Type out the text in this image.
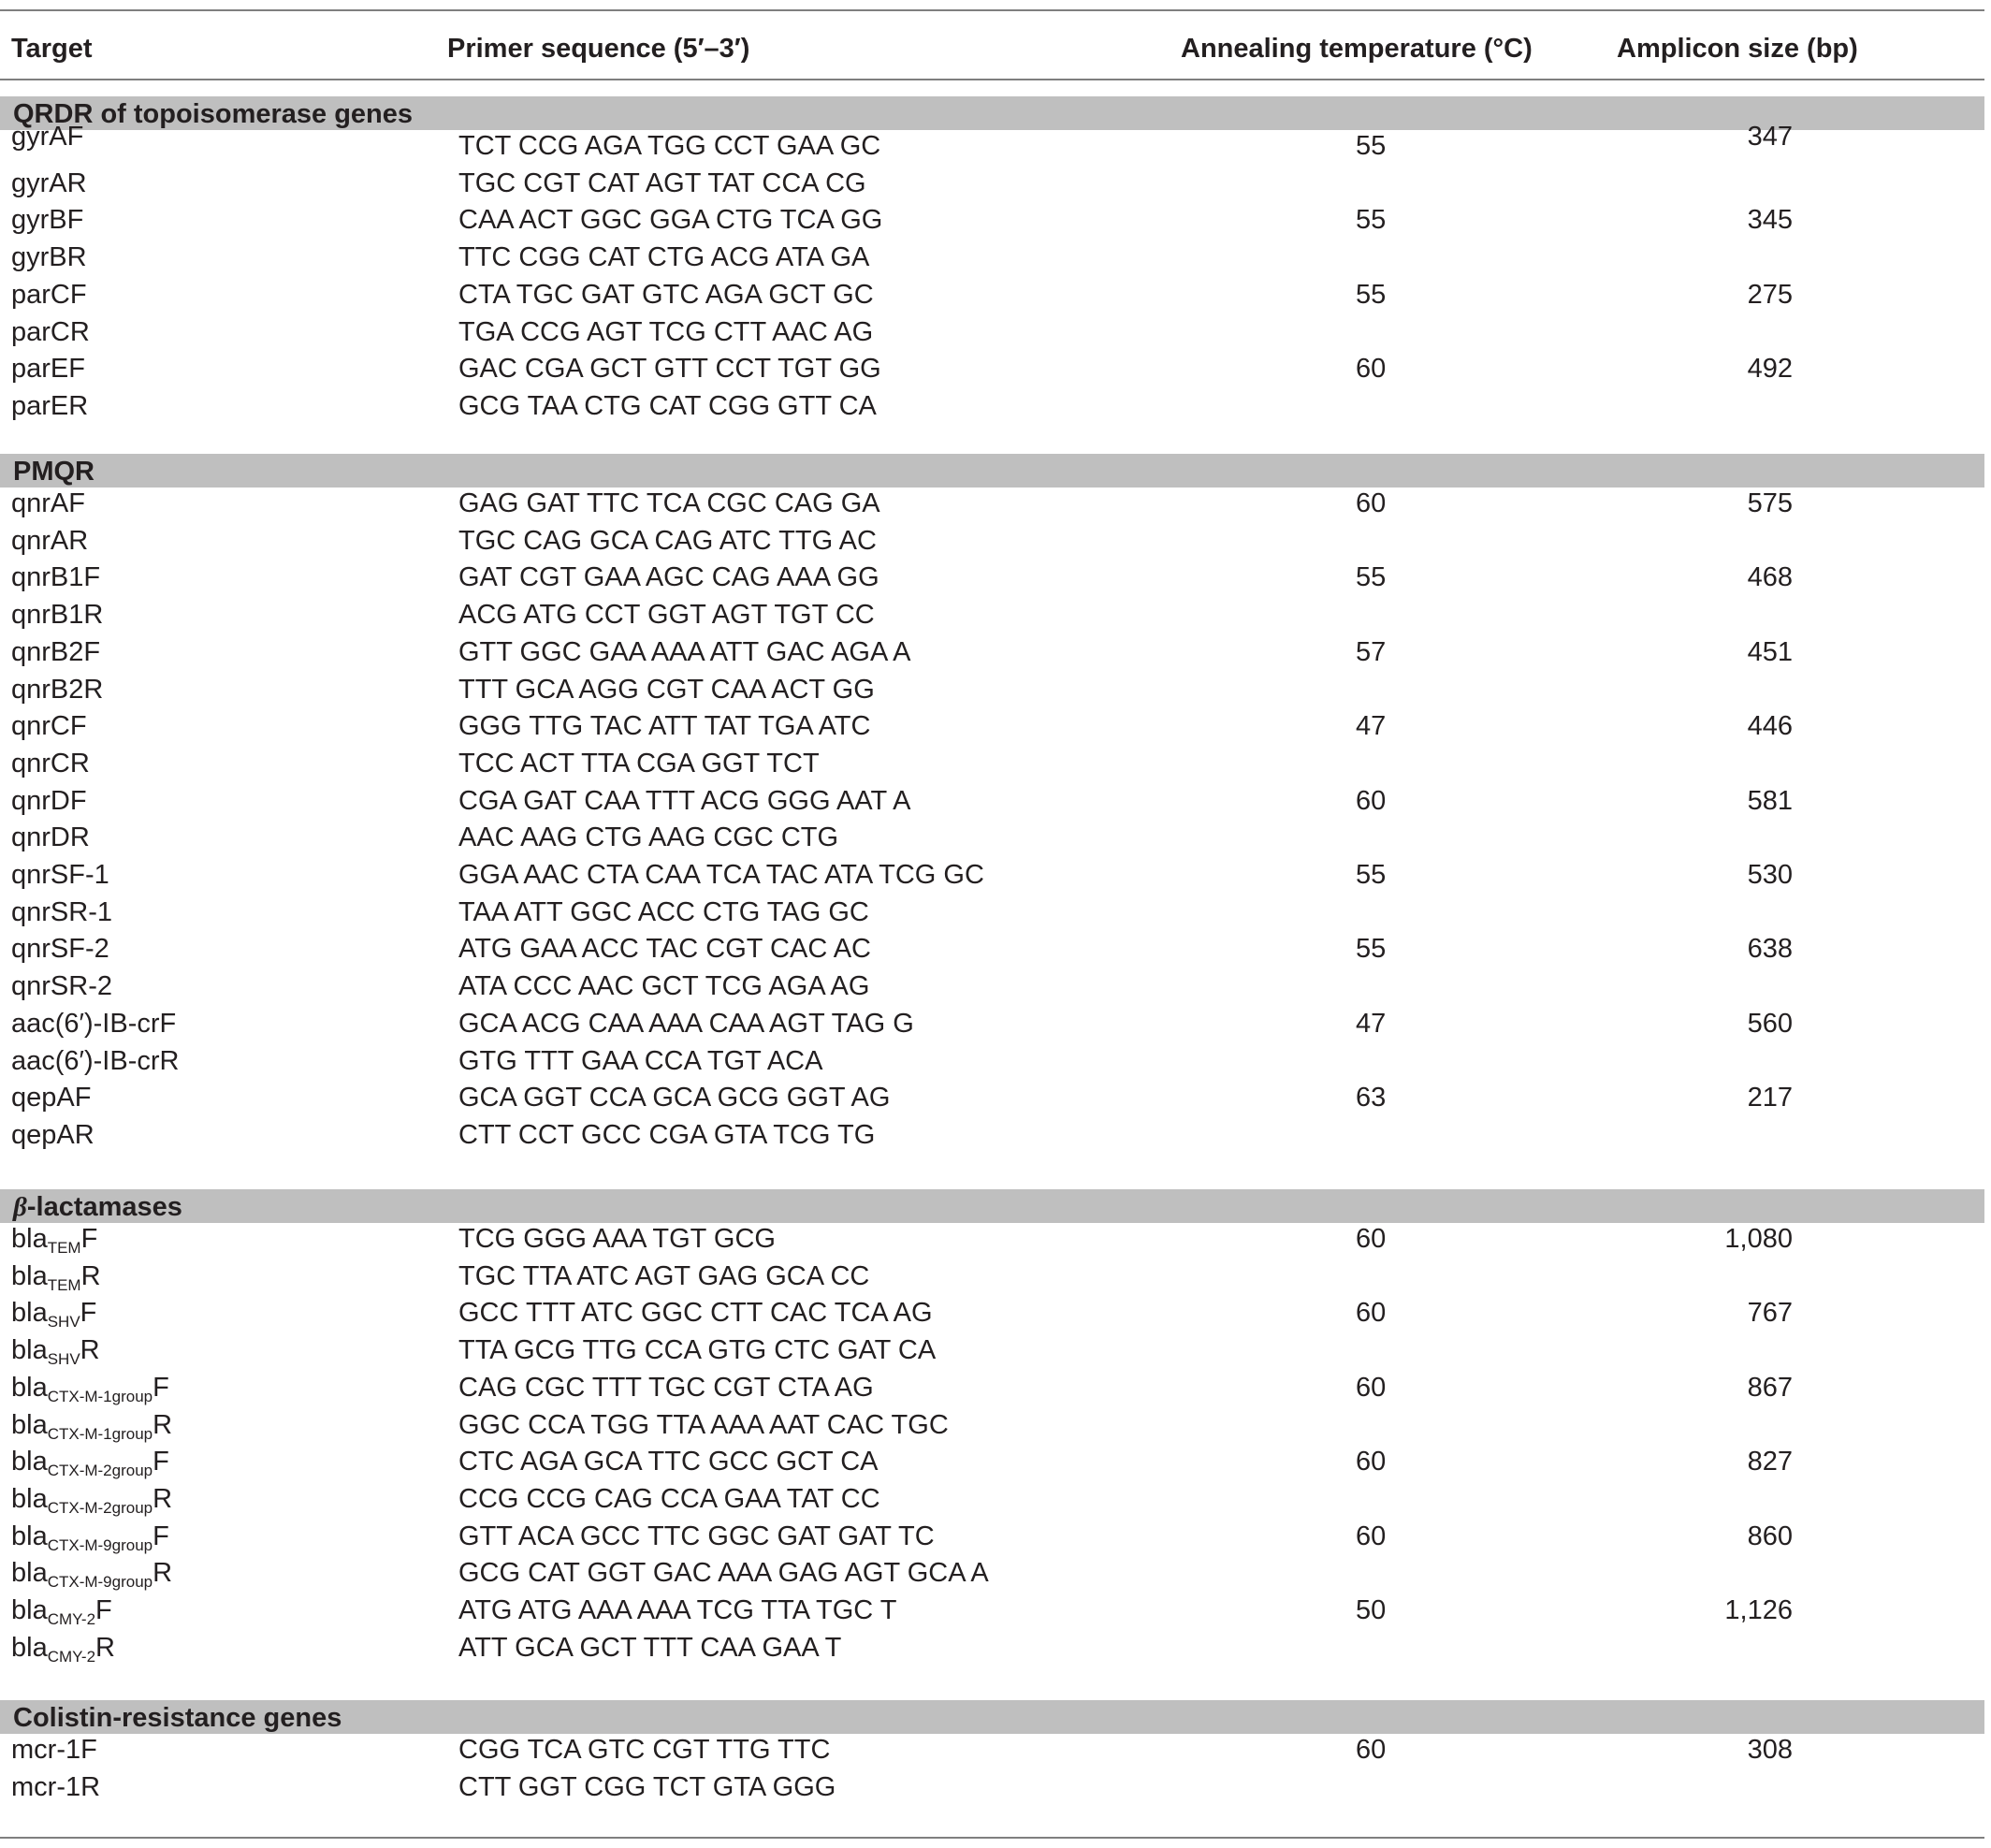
Target	Primer sequence (5′–3′)	Annealing temperature (°C)	Amplicon size (bp)
QRDR of topoisomerase genes
gyrAF	TCT CCG AGA TGG CCT GAA GC	55	347
gyrAR	TGC CGT CAT AGT TAT CCA CG
gyrBF	CAA ACT GGC GGA CTG TCA GG	55	345
gyrBR	TTC CGG CAT CTG ACG ATA GA
parCF	CTA TGC GAT GTC AGA GCT GC	55	275
parCR	TGA CCG AGT TCG CTT AAC AG
parEF	GAC CGA GCT GTT CCT TGT GG	60	492
parER	GCG TAA CTG CAT CGG GTT CA
PMQR
qnrAF	GAG GAT TTC TCA CGC CAG GA	60	575
qnrAR	TGC CAG GCA CAG ATC TTG AC
qnrB1F	GAT CGT GAA AGC CAG AAA GG	55	468
qnrB1R	ACG ATG CCT GGT AGT TGT CC
qnrB2F	GTT GGC GAA AAA ATT GAC AGA A	57	451
qnrB2R	TTT GCA AGG CGT CAA ACT GG
qnrCF	GGG TTG TAC ATT TAT TGA ATC	47	446
qnrCR	TCC ACT TTA CGA GGT TCT
qnrDF	CGA GAT CAA TTT ACG GGG AAT A	60	581
qnrDR	AAC AAG CTG AAG CGC CTG
qnrSF-1	GGA AAC CTA CAA TCA TAC ATA TCG GC	55	530
qnrSR-1	TAA ATT GGC ACC CTG TAG GC
qnrSF-2	ATG GAA ACC TAC CGT CAC AC	55	638
qnrSR-2	ATA CCC AAC GCT TCG AGA AG
aac(6′)-IB-crF	GCA ACG CAA AAA CAA AGT TAG G	47	560
aac(6′)-IB-crR	GTG TTT GAA CCA TGT ACA
qepAF	GCA GGT CCA GCA GCG GGT AG	63	217
qepAR	CTT CCT GCC CGA GTA TCG TG
β-lactamases
bla$_{TEM}$F	TCG GGG AAA TGT GCG	60	1,080
bla$_{TEM}$R	TGC TTA ATC AGT GAG GCA CC
bla$_{SHV}$F	GCC TTT ATC GGC CTT CAC TCA AG	60	767
bla$_{SHV}$R	TTA GCG TTG CCA GTG CTC GAT CA
bla$_{CTX-M-1group}$F	CAG CGC TTT TGC CGT CTA AG	60	867
bla$_{CTX-M-1group}$R	GGC CCA TGG TTA AAA AAT CAC TGC
bla$_{CTX-M-2group}$F	CTC AGA GCA TTC GCC GCT CA	60	827
bla$_{CTX-M-2group}$R	CCG CCG CAG CCA GAA TAT CC
bla$_{CTX-M-9group}$F	GTT ACA GCC TTC GGC GAT GAT TC	60	860
bla$_{CTX-M-9group}$R	GCG CAT GGT GAC AAA GAG AGT GCA A
bla$_{CMY-2}$F	ATG ATG AAA AAA TCG TTA TGC T	50	1,126
bla$_{CMY-2}$R	ATT GCA GCT TTT CAA GAA T
Colistin-resistance genes
mcr-1F	CGG TCA GTC CGT TTG TTC	60	308
mcr-1R	CTT GGT CGG TCT GTA GGG
